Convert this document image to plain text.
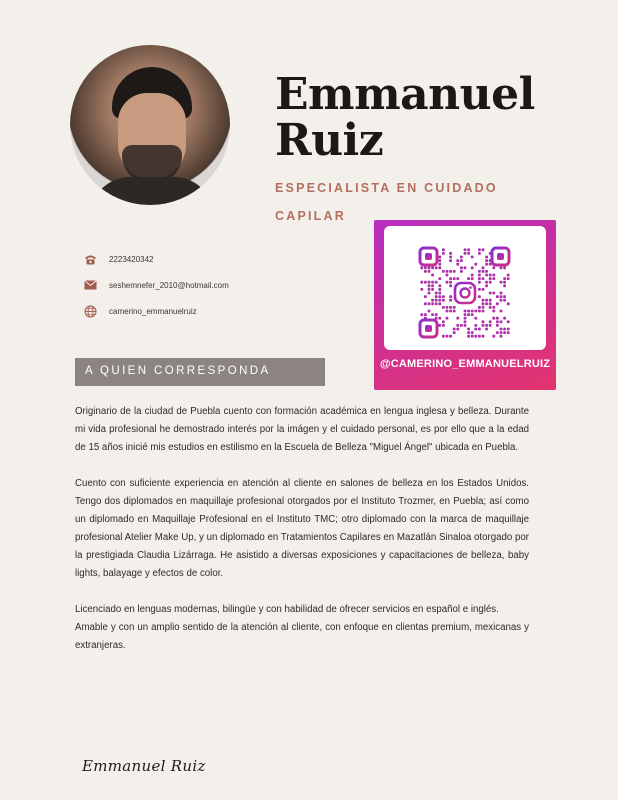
Emmanuel
Ruiz
ESPECIALISTA EN CUIDADO
CAPILAR
2223420342
seshemnefer_2010@hotmail.com
camerino_emmanuelruiz
@CAMERINO_EMMANUELRUIZ
A QUIEN CORRESPONDA

Originario de la ciudad de Puebla cuento con formación académica en lengua inglesa y belleza. Durante mi vida profesional he demostrado interés por la imágen y el cuidado personal, es por ello que a la edad de 15 años inicié mis estudios en estilismo en la Escuela de Belleza "Miguel Ángel" ubicada en Puebla.

Cuento con suficiente experiencia en atención al cliente en salones de belleza en los Estados Unidos. Tengo dos diplomados en maquillaje profesional otorgados por el Instituto Trozmer, en Puebla; así como un diplomado en Maquillaje Profesional en el Instituto TMC; otro diplomado con la marca de maquillaje profesional Atelier Make Up, y un diplomado en Tratamientos Capilares en Mazatlán Sinaloa otorgado por la prestigiada Claudia Lizárraga. He asistido a diversas exposiciones y capacitaciones de belleza, baby lights, balayage y efectos de color.

Licenciado en lenguas modernas, bilingüe y con habilidad de ofrecer servicios en español e inglés.

Amable y con un amplio sentido de la atención al cliente, con enfoque en clientas premium, mexicanas y extranjeras.

Emmanuel Ruiz
